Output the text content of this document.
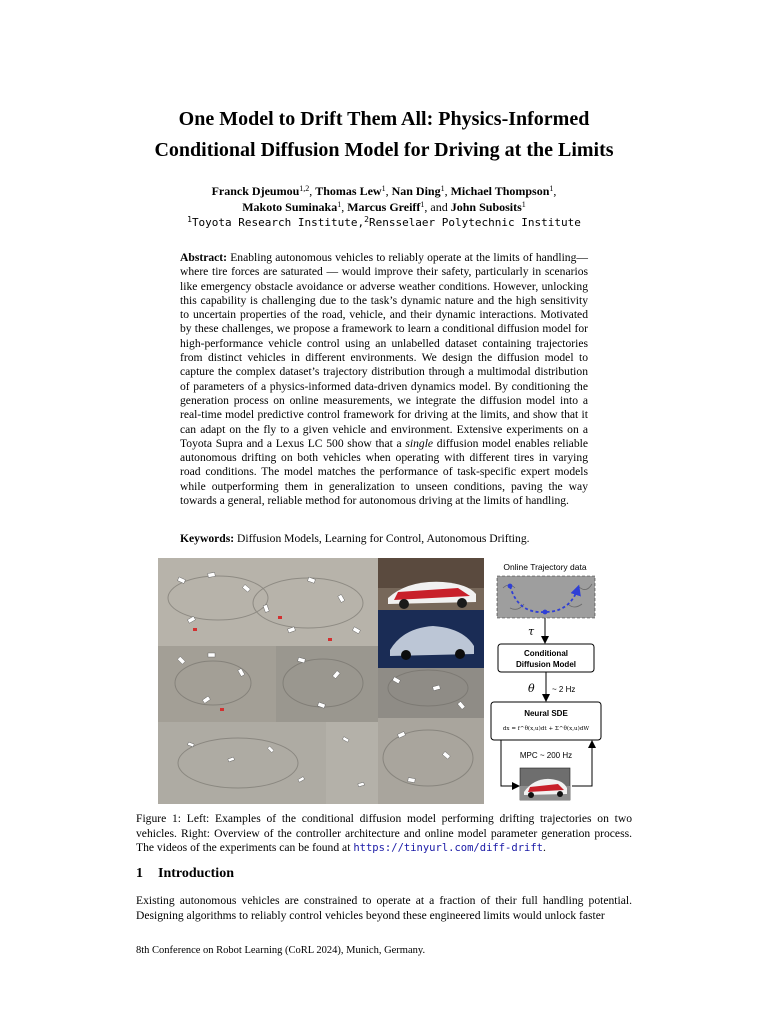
One Model to Drift Them All: Physics-Informed
Conditional Diffusion Model for Driving at the Limits
Franck Djeumou$^{1,2}$, Thomas Lew$^1$, Nan Ding$^1$, Michael Thompson$^1$,
Makoto Suminaka$^1$, Marcus Greiff$^1$, and John Subosits$^1$
$^1$Toyota Research Institute,$^2$Rensselaer Polytechnic Institute
Abstract: Enabling autonomous vehicles to reliably operate at the limits of handling— where tire forces are saturated — would improve their safety, particularly in scenarios like emergency obstacle avoidance or adverse weather conditions. However, unlocking this capability is challenging due to the task’s dynamic nature and the high sensitivity to uncertain properties of the road, vehicle, and their dynamic interactions. Motivated by these challenges, we propose a framework to learn a conditional diffusion model for high-performance vehicle control using an unlabelled dataset containing trajectories from distinct vehicles in different environments. We design the diffusion model to capture the complex dataset’s trajectory distribution through a multimodal distribution of parameters of a physics-informed data-driven dynamics model. By conditioning the generation process on online measurements, we integrate the diffusion model into a real-time model predictive control framework for driving at the limits, and show that it can adapt on the fly to a given vehicle and environment. Extensive experiments on a Toyota Supra and a Lexus LC 500 show that a single diffusion model enables reliable autonomous drifting on both vehicles when operating with different tires in varying road conditions. The model matches the performance of task-specific expert models while outperforming them in generalization to unseen conditions, paving the way towards a general, reliable method for autonomous driving at the limits of handling.
Keywords: Diffusion Models, Learning for Control, Autonomous Drifting.
Online Trajectory data
τ
Conditional
Diffusion Model
θ ~ 2 Hz
Neural SDE
dx = f^θ(x,u)dt + Σ^θ(x,u)dW
MPC ~ 200 Hz
Figure 1: Left: Examples of the conditional diffusion model performing drifting trajectories on two vehicles. Right: Overview of the controller architecture and online model parameter generation process. The videos of the experiments can be found at https://tinyurl.com/diff-drift.
1 Introduction
Existing autonomous vehicles are constrained to operate at a fraction of their full handling potential. Designing algorithms to reliably control vehicles beyond these engineered limits would unlock faster
8th Conference on Robot Learning (CoRL 2024), Munich, Germany.
